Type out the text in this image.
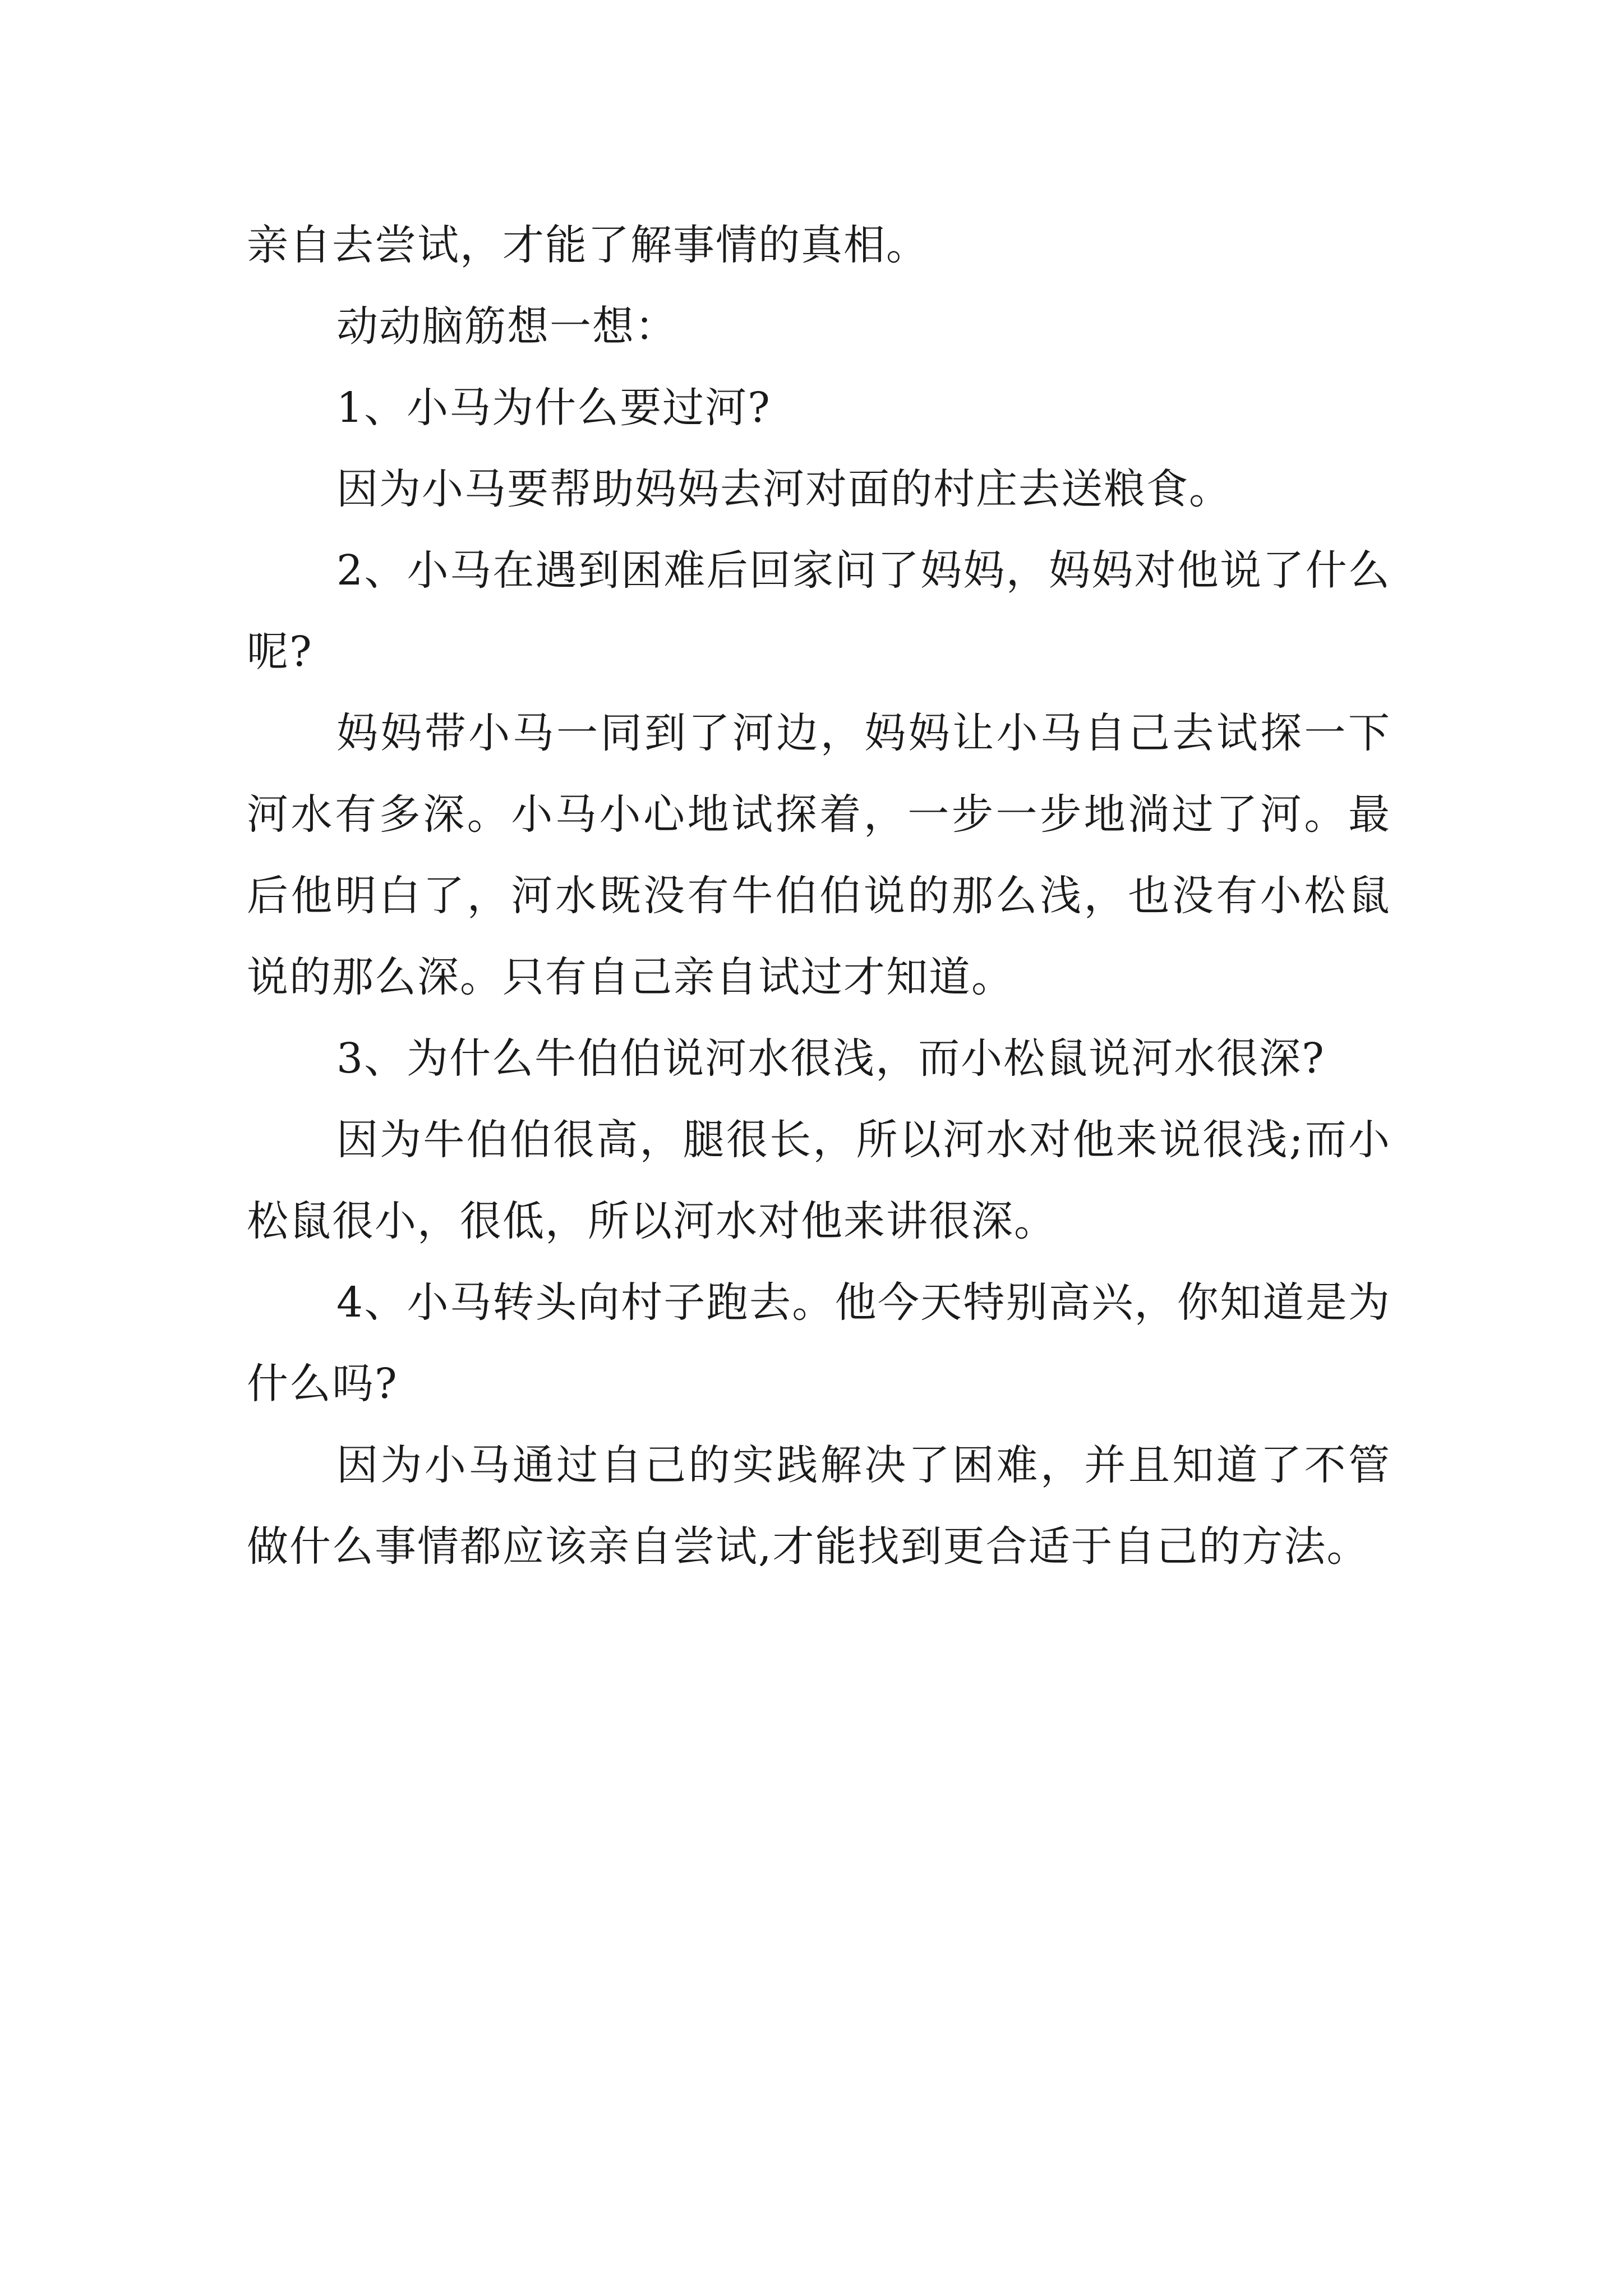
亲自去尝试，才能了解事情的真相。

动动脑筋想一想：

1、小马为什么要过河?

因为小马要帮助妈妈去河对面的村庄去送粮食。

2、小马在遇到困难后回家问了妈妈，妈妈对他说了什么呢?

妈妈带小马一同到了河边，妈妈让小马自己去试探一下河水有多深。小马小心地试探着，一步一步地淌过了河。最后他明白了，河水既没有牛伯伯说的那么浅，也没有小松鼠说的那么深。只有自己亲自试过才知道。

3、为什么牛伯伯说河水很浅，而小松鼠说河水很深?

因为牛伯伯很高，腿很长，所以河水对他来说很浅;而小松鼠很小，很低，所以河水对他来讲很深。

4、小马转头向村子跑去。他今天特别高兴，你知道是为什么吗?

因为小马通过自己的实践解决了困难，并且知道了不管做什么事情都应该亲自尝试,才能找到更合适于自己的方法。
